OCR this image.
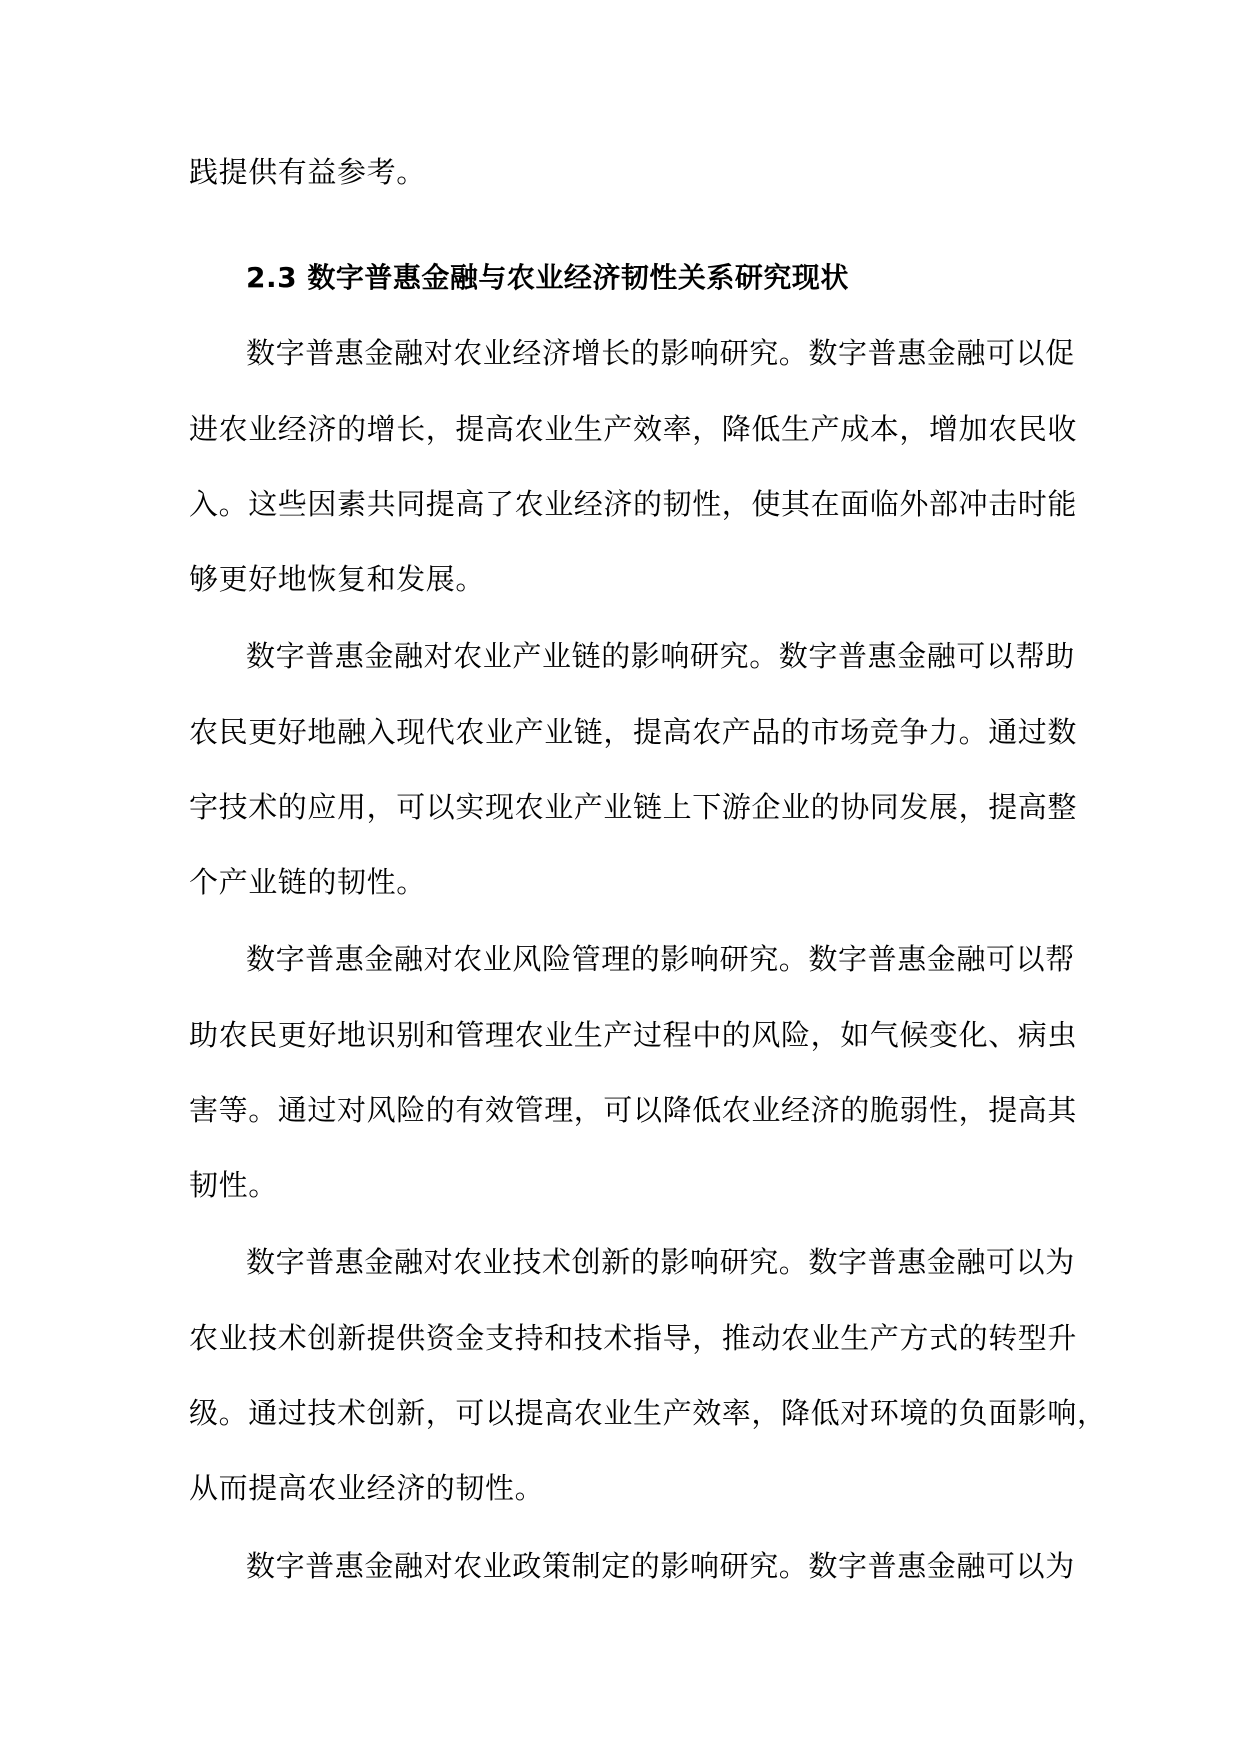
践提供有益参考。
2.3 数字普惠金融与农业经济韧性关系研究现状
数字普惠金融对农业经济增长的影响研究。数字普惠金融可以促
进农业经济的增长，提高农业生产效率，降低生产成本，增加农民收
入。这些因素共同提高了农业经济的韧性，使其在面临外部冲击时能
够更好地恢复和发展。
数字普惠金融对农业产业链的影响研究。数字普惠金融可以帮助
农民更好地融入现代农业产业链，提高农产品的市场竞争力。通过数
字技术的应用，可以实现农业产业链上下游企业的协同发展，提高整
个产业链的韧性。
数字普惠金融对农业风险管理的影响研究。数字普惠金融可以帮
助农民更好地识别和管理农业生产过程中的风险，如气候变化、病虫
害等。通过对风险的有效管理，可以降低农业经济的脆弱性，提高其
韧性。
数字普惠金融对农业技术创新的影响研究。数字普惠金融可以为
农业技术创新提供资金支持和技术指导，推动农业生产方式的转型升
级。通过技术创新，可以提高农业生产效率，降低对环境的负面影响，
从而提高农业经济的韧性。
数字普惠金融对农业政策制定的影响研究。数字普惠金融可以为
